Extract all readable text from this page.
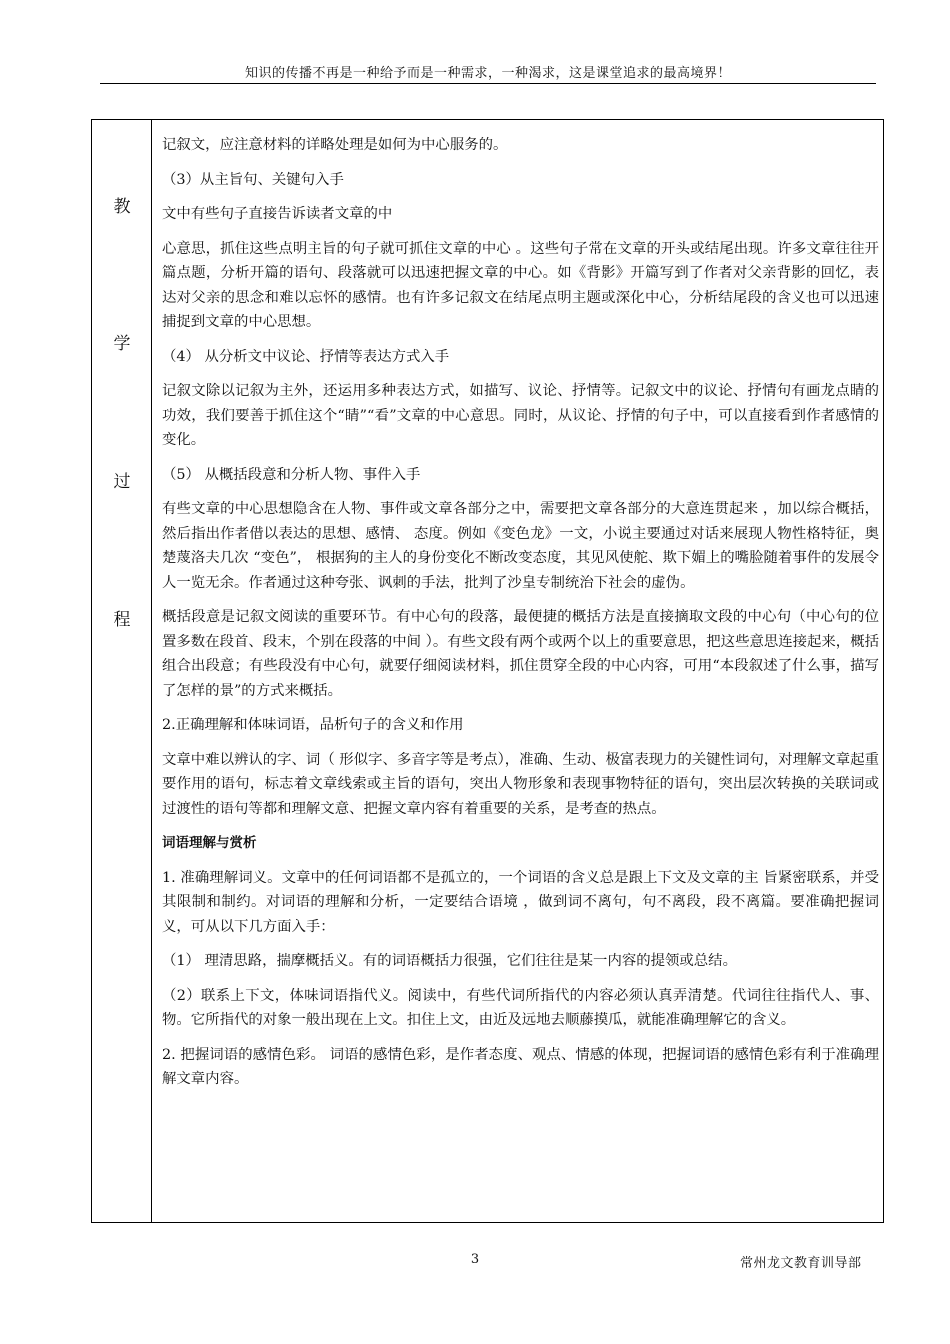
知识的传播不再是一种给予而是一种需求，一种渴求，这是课堂追求的最高境界！
教
学
过
程

记叙文，应注意材料的详略处理是如何为中心服务的。

（3）从主旨句、关键句入手

文中有些句子直接告诉读者文章的中

心意思，抓住这些点明主旨的句子就可抓住文章的中心 。这些句子常在文章的开头或结尾出现。许多文章往往开篇点题，分析开篇的语句、段落就可以迅速把握文章的中心。如《背影》开篇写到了作者对父亲背影的回忆，表达对父亲的思念和难以忘怀的感情。也有许多记叙文在结尾点明主题或深化中心，分析结尾段的含义也可以迅速捕捉到文章的中心思想。

（4） 从分析文中议论、抒情等表达方式入手

记叙文除以记叙为主外，还运用多种表达方式，如描写、议论、抒情等。记叙文中的议论、抒情句有画龙点睛的功效，我们要善于抓住这个“睛”“看”文章的中心意思。同时，从议论、抒情的句子中，可以直接看到作者感情的变化。

（5） 从概括段意和分析人物、事件入手

有些文章的中心思想隐含在人物、事件或文章各部分之中，需要把文章各部分的大意连贯起来 ，加以综合概括，然后指出作者借以表达的思想、感情、 态度。例如《变色龙》一文，小说主要通过对话来展现人物性格特征，奥楚蔑洛夫几次 “变色”， 根据狗的主人的身份变化不断改变态度，其见风使舵、欺下媚上的嘴脸随着事件的发展令人一览无余。作者通过这种夸张、讽刺的手法，批判了沙皇专制统治下社会的虚伪。

概括段意是记叙文阅读的重要环节。有中心句的段落，最便捷的概括方法是直接摘取文段的中心句（中心句的位置多数在段首、段末，个别在段落的中间 ）。有些文段有两个或两个以上的重要意思，把这些意思连接起来，概括组合出段意；有些段没有中心句，就要仔细阅读材料，抓住贯穿全段的中心内容，可用“本段叙述了什么事，描写了怎样的景”的方式来概括。

2.正确理解和体味词语，品析句子的含义和作用

文章中难以辨认的字、词（ 形似字、多音字等是考点），准确、生动、极富表现力的关键性词句，对理解文章起重要作用的语句，标志着文章线索或主旨的语句，突出人物形象和表现事物特征的语句，突出层次转换的关联词或过渡性的语句等都和理解文意、把握文章内容有着重要的关系，是考查的热点。

词语理解与赏析

1. 准确理解词义。文章中的任何词语都不是孤立的，一个词语的含义总是跟上下文及文章的主 旨紧密联系，并受其限制和制约。对词语的理解和分析，一定要结合语境 ，做到词不离句，句不离段，段不离篇。要准确把握词义，可从以下几方面入手：

（1） 理清思路，揣摩概括义。有的词语概括力很强，它们往往是某一内容的提领或总结。

（2）联系上下文，体味词语指代义。阅读中，有些代词所指代的内容必须认真弄清楚。代词往往指代人、事、物。它所指代的对象一般出现在上文。扣住上文，由近及远地去顺藤摸瓜，就能准确理解它的含义。

2. 把握词语的感情色彩。 词语的感情色彩，是作者态度、观点、情感的体现，把握词语的感情色彩有利于准确理解文章内容。

3	常州龙文教育训导部
